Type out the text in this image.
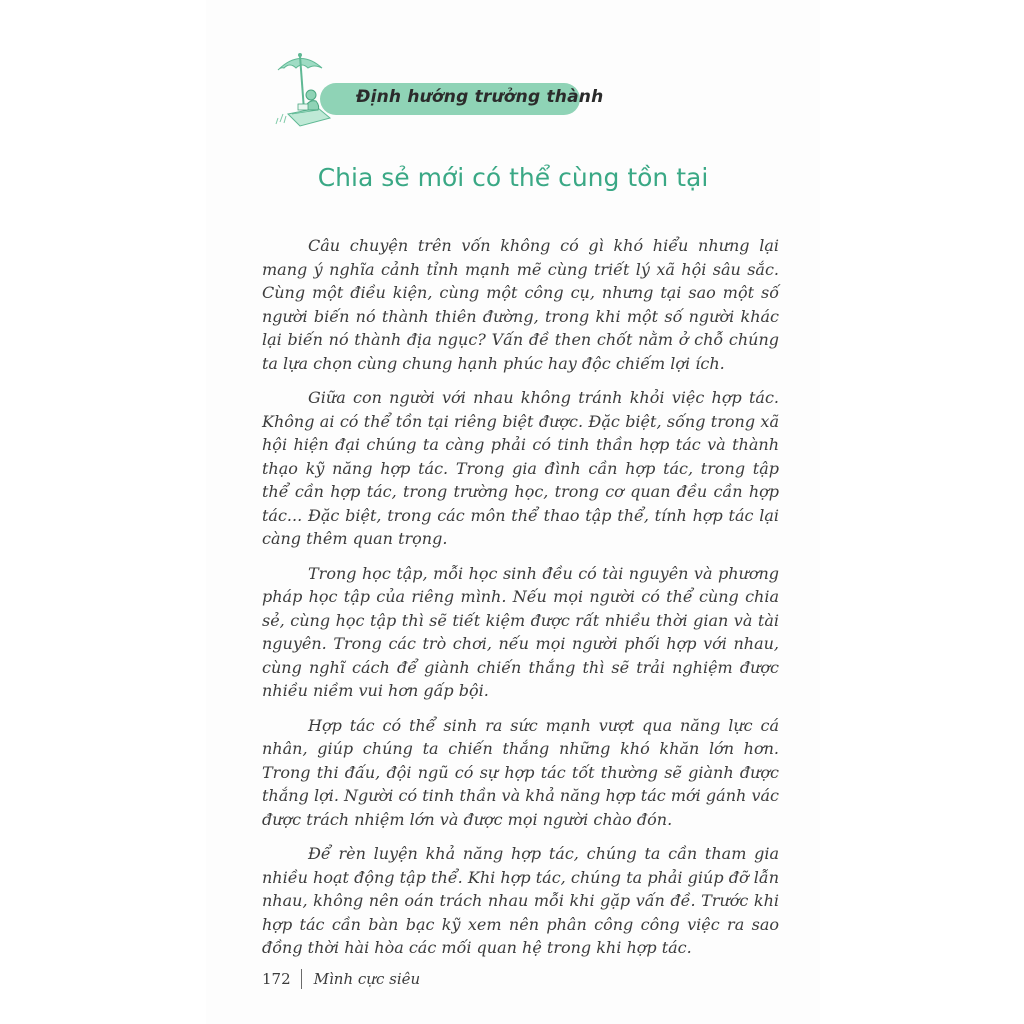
Định hướng trưởng thành
Chia sẻ mới có thể cùng tồn tại

Câu chuyện trên vốn không có gì khó hiểu nhưng lại mang ý nghĩa cảnh tỉnh mạnh mẽ cùng triết lý xã hội sâu sắc. Cùng một điều kiện, cùng một công cụ, nhưng tại sao một số người biến nó thành thiên đường, trong khi một số người khác lại biến nó thành địa ngục? Vấn đề then chốt nằm ở chỗ chúng ta lựa chọn cùng chung hạnh phúc hay độc chiếm lợi ích.

Giữa con người với nhau không tránh khỏi việc hợp tác. Không ai có thể tồn tại riêng biệt được. Đặc biệt, sống trong xã hội hiện đại chúng ta càng phải có tinh thần hợp tác và thành thạo kỹ năng hợp tác. Trong gia đình cần hợp tác, trong tập thể cần hợp tác, trong trường học, trong cơ quan đều cần hợp tác... Đặc biệt, trong các môn thể thao tập thể, tính hợp tác lại càng thêm quan trọng.

Trong học tập, mỗi học sinh đều có tài nguyên và phương pháp học tập của riêng mình. Nếu mọi người có thể cùng chia sẻ, cùng học tập thì sẽ tiết kiệm được rất nhiều thời gian và tài nguyên. Trong các trò chơi, nếu mọi người phối hợp với nhau, cùng nghĩ cách để giành chiến thắng thì sẽ trải nghiệm được nhiều niềm vui hơn gấp bội.

Hợp tác có thể sinh ra sức mạnh vượt qua năng lực cá nhân, giúp chúng ta chiến thắng những khó khăn lớn hơn. Trong thi đấu, đội ngũ có sự hợp tác tốt thường sẽ giành được thắng lợi. Người có tinh thần và khả năng hợp tác mới gánh vác được trách nhiệm lớn và được mọi người chào đón.

Để rèn luyện khả năng hợp tác, chúng ta cần tham gia nhiều hoạt động tập thể. Khi hợp tác, chúng ta phải giúp đỡ lẫn nhau, không nên oán trách nhau mỗi khi gặp vấn đề. Trước khi hợp tác cần bàn bạc kỹ xem nên phân công công việc ra sao đồng thời hài hòa các mối quan hệ trong khi hợp tác.

172	Mình cực siêu
